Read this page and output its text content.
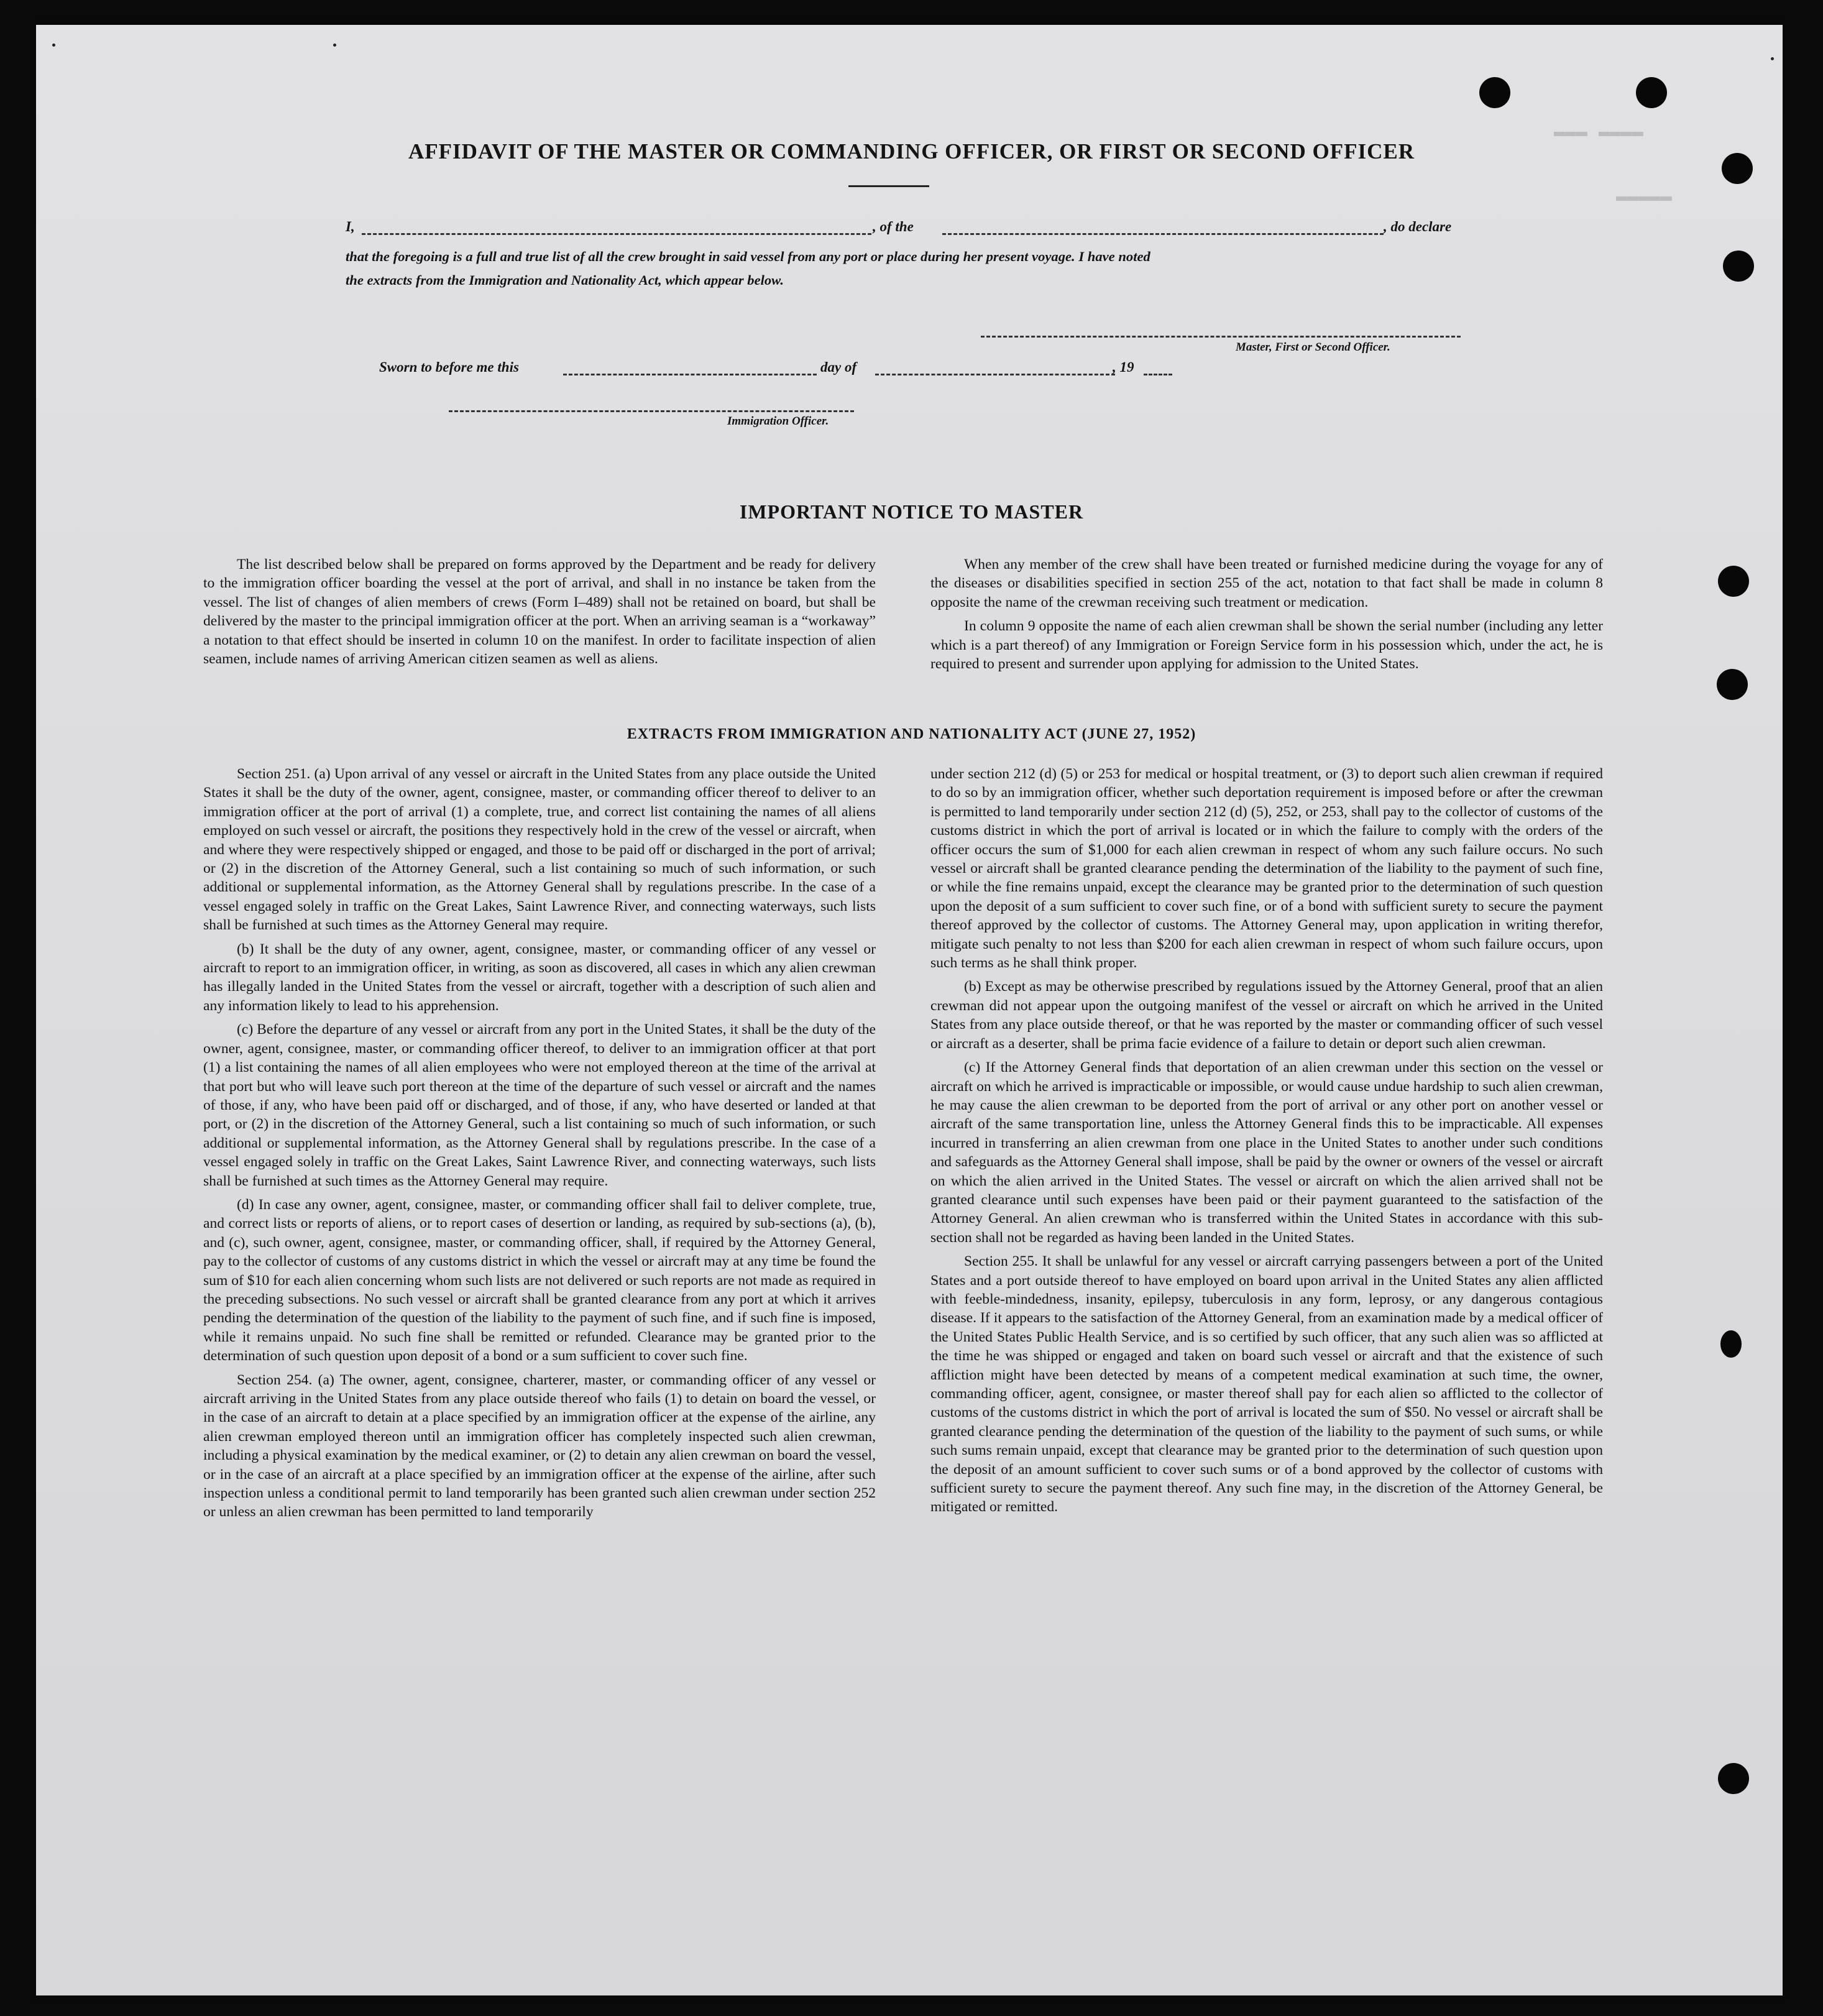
▬▬▬ ▬▬▬▬
▬▬▬▬▬
AFFIDAVIT OF THE MASTER OR COMMANDING OFFICER, OR FIRST OR SECOND OFFICER
I,	, of the	, do declare
that the foregoing is a full and true list of all the crew brought in said vessel from any port or place during her present voyage. I have noted
the extracts from the Immigration and Nationality Act, which appear below.
Master, First or Second Officer.
Sworn to before me this	day of	, 19
Immigration Officer.
IMPORTANT NOTICE TO MASTER

The list described below shall be prepared on forms approved by the Department and be ready for delivery to the immigration officer boarding the vessel at the port of arrival, and shall in no instance be taken from the vessel. The list of changes of alien members of crews (Form I–489) shall not be retained on board, but shall be delivered by the master to the principal immigration officer at the port. When an arriving seaman is a “workaway” a notation to that effect should be inserted in column 10 on the manifest. In order to facilitate inspection of alien seamen, include names of arriving American citizen seamen as well as aliens.

When any member of the crew shall have been treated or furnished medicine during the voyage for any of the diseases or disabilities specified in section 255 of the act, notation to that fact shall be made in column 8 opposite the name of the crewman receiving such treatment or medication.

In column 9 opposite the name of each alien crewman shall be shown the serial number (including any letter which is a part thereof) of any Immigration or Foreign Service form in his possession which, under the act, he is required to present and surrender upon applying for admission to the United States.

EXTRACTS FROM IMMIGRATION AND NATIONALITY ACT (JUNE 27, 1952)

Section 251. (a) Upon arrival of any vessel or aircraft in the United States from any place outside the United States it shall be the duty of the owner, agent, consignee, master, or commanding officer thereof to deliver to an immigration officer at the port of arrival (1) a complete, true, and correct list containing the names of all aliens employed on such vessel or aircraft, the positions they respectively hold in the crew of the vessel or aircraft, when and where they were respectively shipped or engaged, and those to be paid off or discharged in the port of arrival; or (2) in the discretion of the Attorney General, such a list containing so much of such information, or such additional or supplemental information, as the Attorney General shall by regulations prescribe. In the case of a vessel engaged solely in traffic on the Great Lakes, Saint Lawrence River, and connecting waterways, such lists shall be furnished at such times as the Attorney General may require.

(b) It shall be the duty of any owner, agent, consignee, master, or commanding officer of any vessel or aircraft to report to an immigration officer, in writing, as soon as discovered, all cases in which any alien crewman has illegally landed in the United States from the vessel or aircraft, together with a description of such alien and any information likely to lead to his apprehension.

(c) Before the departure of any vessel or aircraft from any port in the United States, it shall be the duty of the owner, agent, consignee, master, or commanding officer thereof, to deliver to an immigration officer at that port (1) a list containing the names of all alien employees who were not employed thereon at the time of the arrival at that port but who will leave such port thereon at the time of the departure of such vessel or aircraft and the names of those, if any, who have been paid off or discharged, and of those, if any, who have deserted or landed at that port, or (2) in the discretion of the Attorney General, such a list containing so much of such information, or such additional or supplemental information, as the Attorney General shall by regulations prescribe. In the case of a vessel engaged solely in traffic on the Great Lakes, Saint Lawrence River, and connecting waterways, such lists shall be furnished at such times as the Attorney General may require.

(d) In case any owner, agent, consignee, master, or commanding officer shall fail to deliver complete, true, and correct lists or reports of aliens, or to report cases of desertion or landing, as required by sub-sections (a), (b), and (c), such owner, agent, consignee, master, or commanding officer, shall, if required by the Attorney General, pay to the collector of customs of any customs district in which the vessel or aircraft may at any time be found the sum of $10 for each alien concerning whom such lists are not delivered or such reports are not made as required in the preceding subsections. No such vessel or aircraft shall be granted clearance from any port at which it arrives pending the determination of the question of the liability to the payment of such fine, and if such fine is imposed, while it remains unpaid. No such fine shall be remitted or refunded. Clearance may be granted prior to the determination of such question upon deposit of a bond or a sum sufficient to cover such fine.

Section 254. (a) The owner, agent, consignee, charterer, master, or commanding officer of any vessel or aircraft arriving in the United States from any place outside thereof who fails (1) to detain on board the vessel, or in the case of an aircraft to detain at a place specified by an immigration officer at the expense of the airline, any alien crewman employed thereon until an immigration officer has completely inspected such alien crewman, including a physical examination by the medical examiner, or (2) to detain any alien crewman on board the vessel, or in the case of an aircraft at a place specified by an immigration officer at the expense of the airline, after such inspection unless a conditional permit to land temporarily has been granted such alien crewman under section 252 or unless an alien crewman has been permitted to land temporarily

under section 212 (d) (5) or 253 for medical or hospital treatment, or (3) to deport such alien crewman if required to do so by an immigration officer, whether such deportation requirement is imposed before or after the crewman is permitted to land temporarily under section 212 (d) (5), 252, or 253, shall pay to the collector of customs of the customs district in which the port of arrival is located or in which the failure to comply with the orders of the officer occurs the sum of $1,000 for each alien crewman in respect of whom any such failure occurs. No such vessel or aircraft shall be granted clearance pending the determination of the liability to the payment of such fine, or while the fine remains unpaid, except the clearance may be granted prior to the determination of such question upon the deposit of a sum sufficient to cover such fine, or of a bond with sufficient surety to secure the payment thereof approved by the collector of customs. The Attorney General may, upon application in writing therefor, mitigate such penalty to not less than $200 for each alien crewman in respect of whom such failure occurs, upon such terms as he shall think proper.

(b) Except as may be otherwise prescribed by regulations issued by the Attorney General, proof that an alien crewman did not appear upon the outgoing manifest of the vessel or aircraft on which he arrived in the United States from any place outside thereof, or that he was reported by the master or commanding officer of such vessel or aircraft as a deserter, shall be prima facie evidence of a failure to detain or deport such alien crewman.

(c) If the Attorney General finds that deportation of an alien crewman under this section on the vessel or aircraft on which he arrived is impracticable or impossible, or would cause undue hardship to such alien crewman, he may cause the alien crewman to be deported from the port of arrival or any other port on another vessel or aircraft of the same transportation line, unless the Attorney General finds this to be impracticable. All expenses incurred in transferring an alien crewman from one place in the United States to another under such conditions and safeguards as the Attorney General shall impose, shall be paid by the owner or owners of the vessel or aircraft on which the alien arrived in the United States. The vessel or aircraft on which the alien arrived shall not be granted clearance until such expenses have been paid or their payment guaranteed to the satisfaction of the Attorney General. An alien crewman who is transferred within the United States in accordance with this sub-section shall not be regarded as having been landed in the United States.

Section 255. It shall be unlawful for any vessel or aircraft carrying passengers between a port of the United States and a port outside thereof to have employed on board upon arrival in the United States any alien afflicted with feeble-mindedness, insanity, epilepsy, tuberculosis in any form, leprosy, or any dangerous contagious disease. If it appears to the satisfaction of the Attorney General, from an examination made by a medical officer of the United States Public Health Service, and is so certified by such officer, that any such alien was so afflicted at the time he was shipped or engaged and taken on board such vessel or aircraft and that the existence of such affliction might have been detected by means of a competent medical examination at such time, the owner, commanding officer, agent, consignee, or master thereof shall pay for each alien so afflicted to the collector of customs of the customs district in which the port of arrival is located the sum of $50. No vessel or aircraft shall be granted clearance pending the determination of the question of the liability to the payment of such sums, or while such sums remain unpaid, except that clearance may be granted prior to the determination of such question upon the deposit of an amount sufficient to cover such sums or of a bond approved by the collector of customs with sufficient surety to secure the payment thereof. Any such fine may, in the discretion of the Attorney General, be mitigated or remitted.
